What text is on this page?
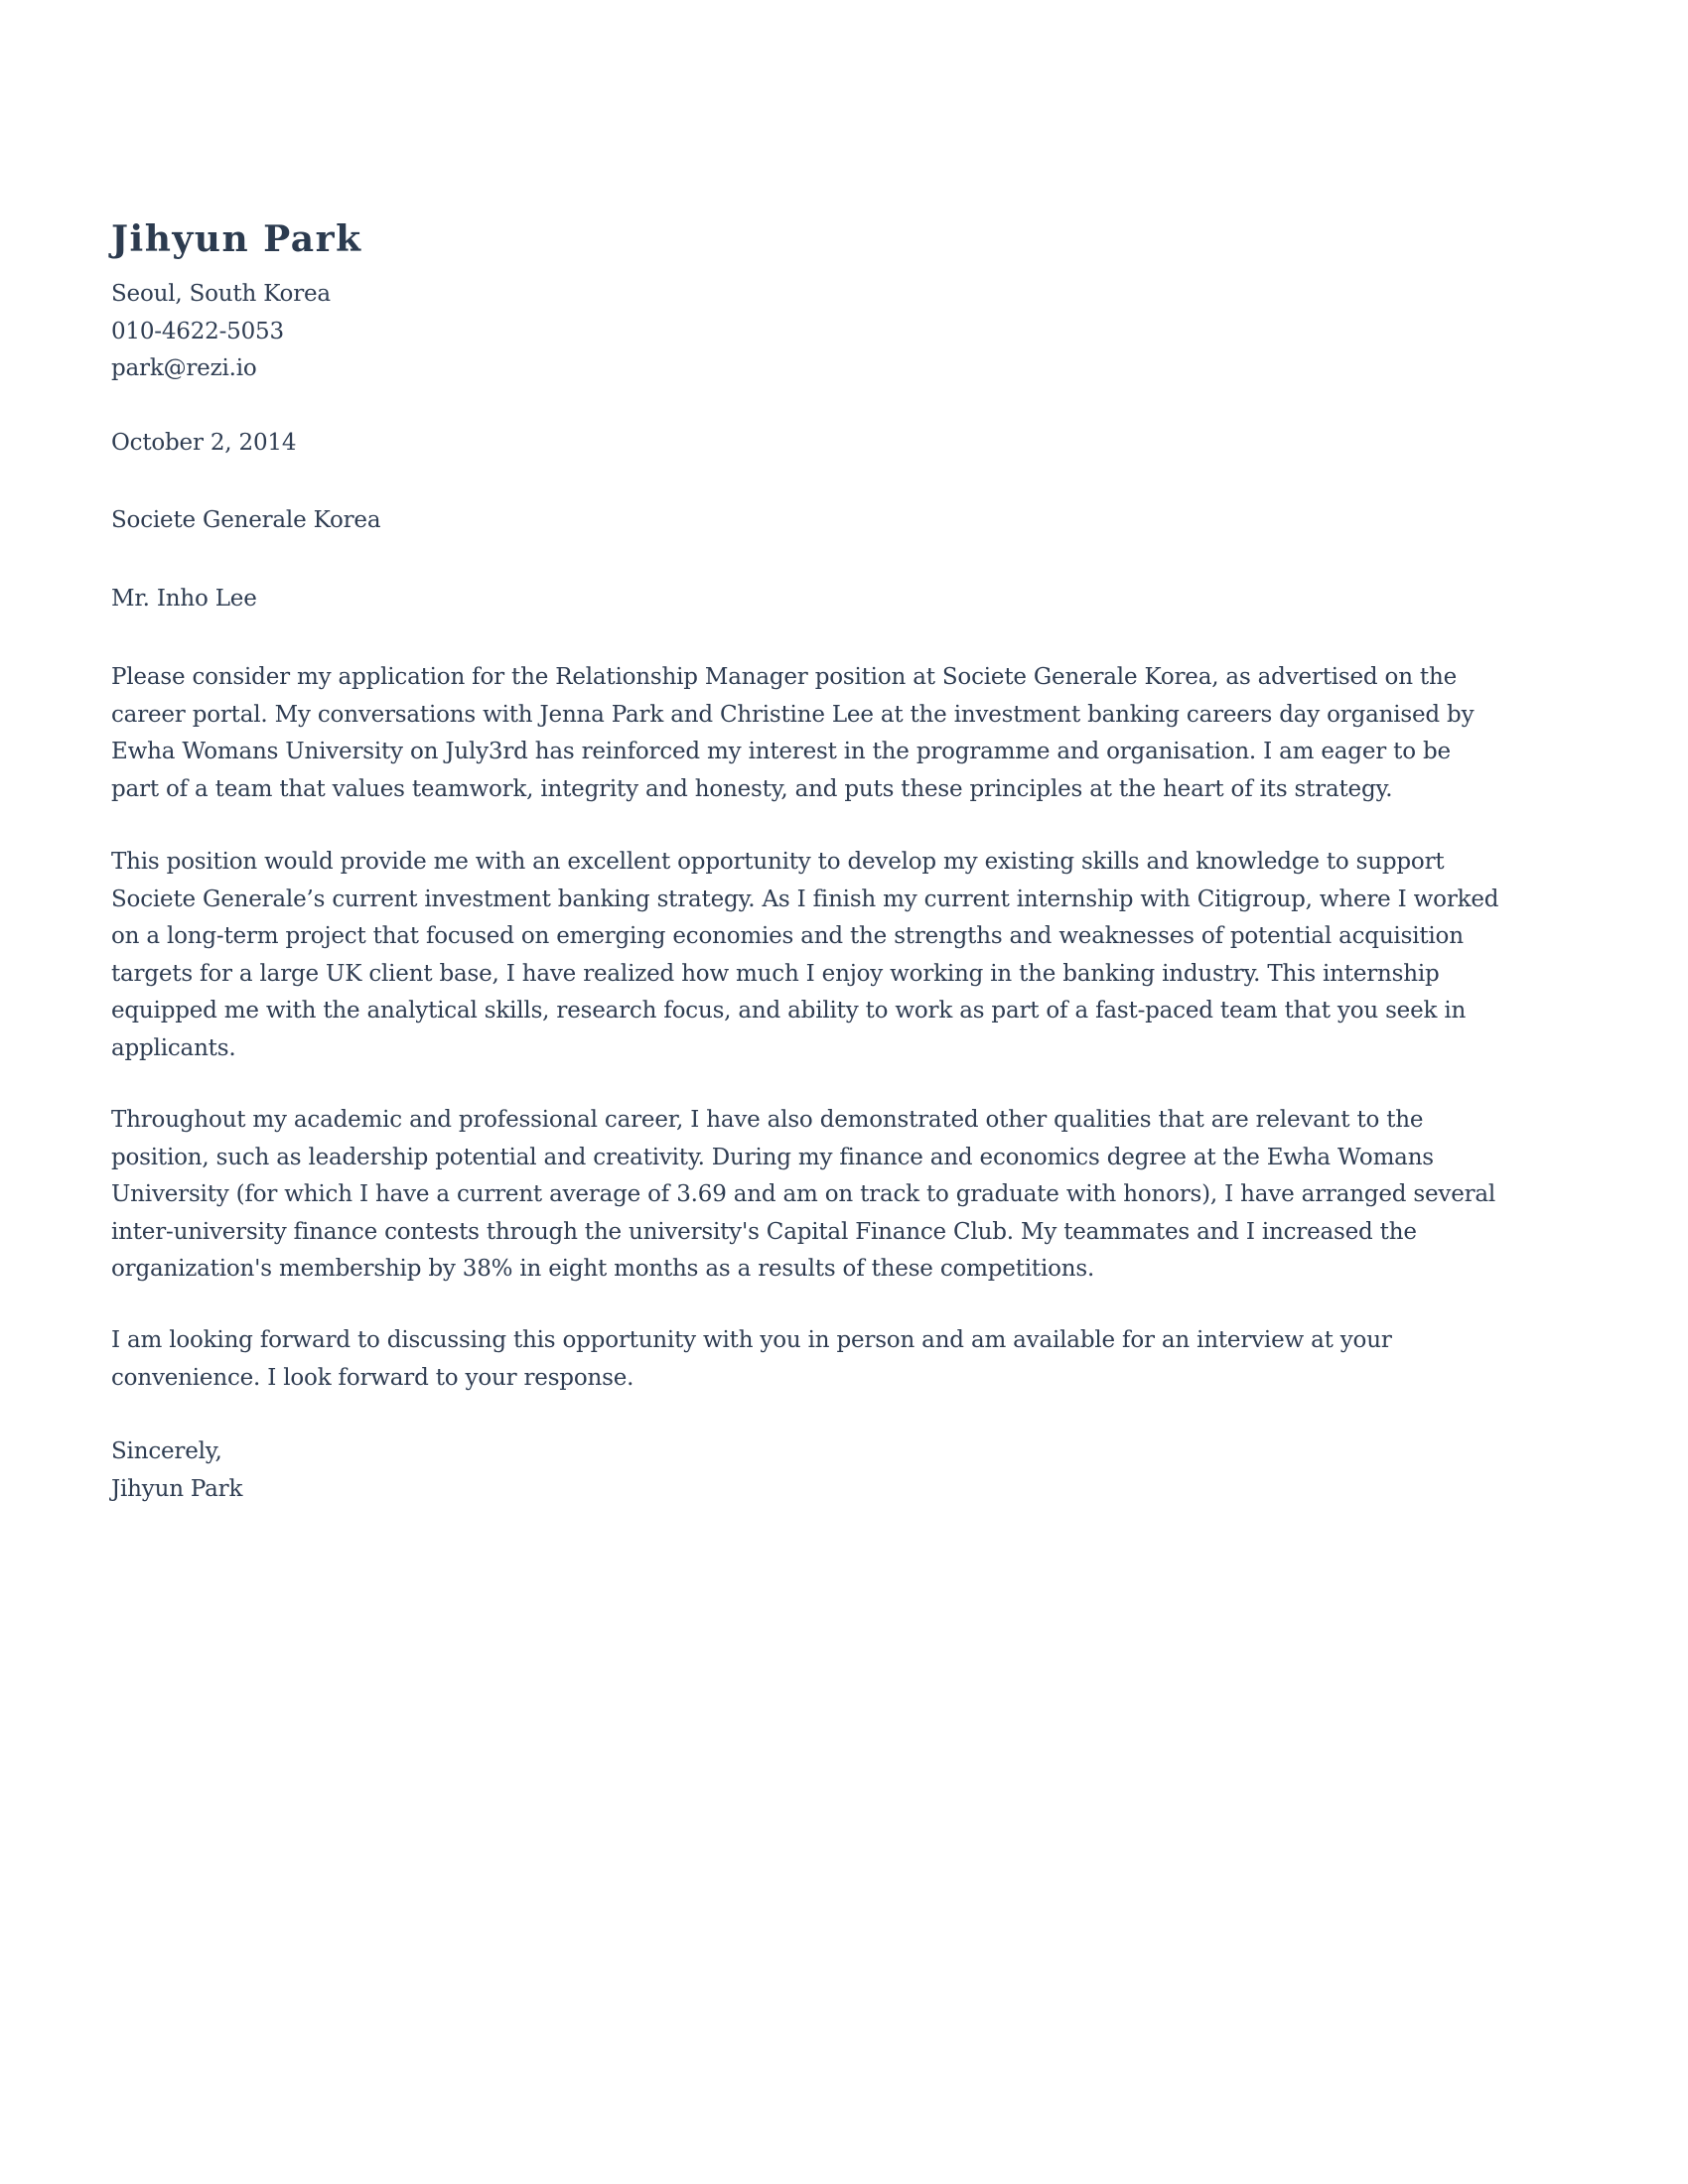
Jihyun Park
Seoul, South Korea
010-4622-5053
park@rezi.io
October 2, 2014
Societe Generale Korea
Mr. Inho Lee
Please consider my application for the Relationship Manager position at Societe Generale Korea, as advertised on the
career portal. My conversations with Jenna Park and Christine Lee at the investment banking careers day organised by
Ewha Womans University on July3rd has reinforced my interest in the programme and organisation. I am eager to be
part of a team that values teamwork, integrity and honesty, and puts these principles at the heart of its strategy.
This position would provide me with an excellent opportunity to develop my existing skills and knowledge to support
Societe Generale’s current investment banking strategy. As I finish my current internship with Citigroup, where I worked
on a long-term project that focused on emerging economies and the strengths and weaknesses of potential acquisition
targets for a large UK client base, I have realized how much I enjoy working in the banking industry. This internship
equipped me with the analytical skills, research focus, and ability to work as part of a fast-paced team that you seek in
applicants.
Throughout my academic and professional career, I have also demonstrated other qualities that are relevant to the
position, such as leadership potential and creativity. During my finance and economics degree at the Ewha Womans
University (for which I have a current average of 3.69 and am on track to graduate with honors), I have arranged several
inter-university finance contests through the university's Capital Finance Club. My teammates and I increased the
organization's membership by 38% in eight months as a results of these competitions.
I am looking forward to discussing this opportunity with you in person and am available for an interview at your
convenience. I look forward to your response.
Sincerely,
Jihyun Park
